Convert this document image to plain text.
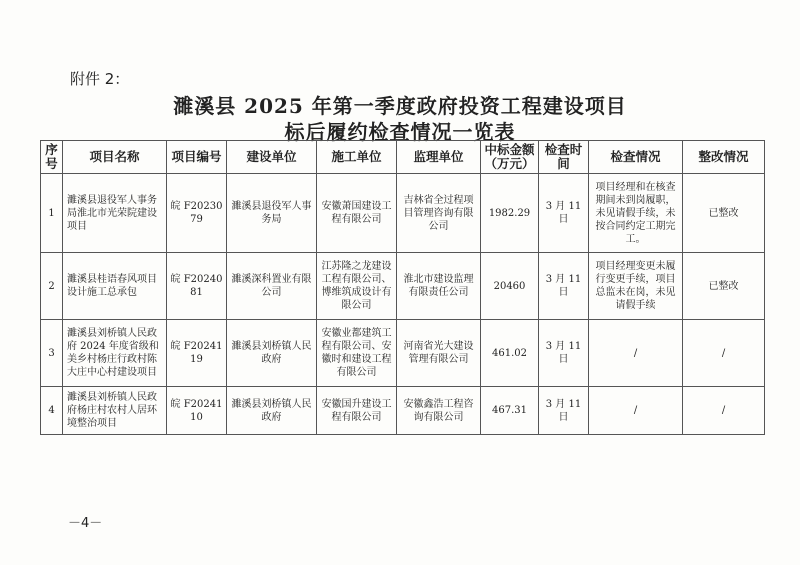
附件 2：
濉溪县 2025 年第一季度政府投资工程建设项目
标后履约检查情况一览表
序号	项目名称	项目编号	建设单位	施工单位	监理单位	中标金额（万元）	检查时间	检查情况	整改情况
1	濉溪县退役军人事务局淮北市光荣院建设项目	皖 F2023079	濉溪县退役军人事务局	安徽萧国建设工程有限公司	吉林省全过程项目管理咨询有限公司	1982.29	3 月 11 日	项目经理和在核查期间未到岗履职，未见请假手续，未按合同约定工期完工。	已整改
2	濉溪县桂语春风项目设计施工总承包	皖 F2024081	濉溪深科置业有限公司	江苏隆之龙建设工程有限公司、博维筑成设计有限公司	淮北市建设监理有限责任公司	20460	3 月 11 日	项目经理变更未履行变更手续，项目总监未在岗，未见请假手续	已整改
3	濉溪县刘桥镇人民政府 2024 年度省级和美乡村杨庄行政村陈大庄中心村建设项目	皖 F2024119	濉溪县刘桥镇人民政府	安徽业都建筑工程有限公司、安徽时和建设工程有限公司	河南省光大建设管理有限公司	461.02	3 月 11 日	/	/
4	濉溪县刘桥镇人民政府杨庄村农村人居环境整治项目	皖 F2024110	濉溪县刘桥镇人民政府	安徽国升建设工程有限公司	安徽鑫浩工程咨询有限公司	467.31	3 月 11 日	/	/
－4－
